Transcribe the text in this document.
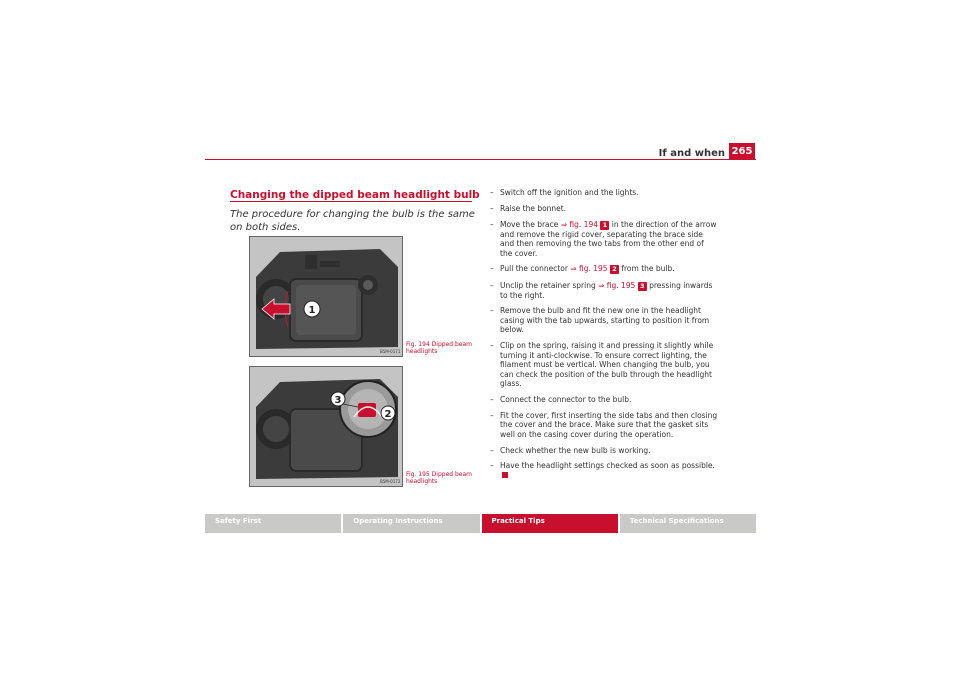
If and when 265
Changing the dipped beam headlight bulb
The procedure for changing the bulb is the same on both sides.
1
B5M-0171
Fig. 194 Dipped beam headlights
3
2
B5M-0172
Fig. 195 Dipped beam headlights
– Switch off the ignition and the lights.
– Raise the bonnet.
– Move the brace ⇒ fig. 194 1 in the direction of the arrow and remove the rigid cover, separating the brace side and then removing the two tabs from the other end of the cover.
– Pull the connector ⇒ fig. 195 2 from the bulb.
– Unclip the retainer spring ⇒ fig. 195 3 pressing inwards to the right.
– Remove the bulb and fit the new one in the headlight casing with the tab upwards, starting to position it from below.
– Clip on the spring, raising it and pressing it slightly while turning it anti-clockwise. To ensure correct lighting, the filament must be vertical. When changing the bulb, you can check the position of the bulb through the headlight glass.
– Connect the connector to the bulb.
– Fit the cover, first inserting the side tabs and then closing the cover and the brace. Make sure that the gasket sits well on the casing cover during the operation.
– Check whether the new bulb is working.
– Have the headlight settings checked as soon as possible.
Safety First	Operating Instructions	Practical Tips	Technical Specifications
